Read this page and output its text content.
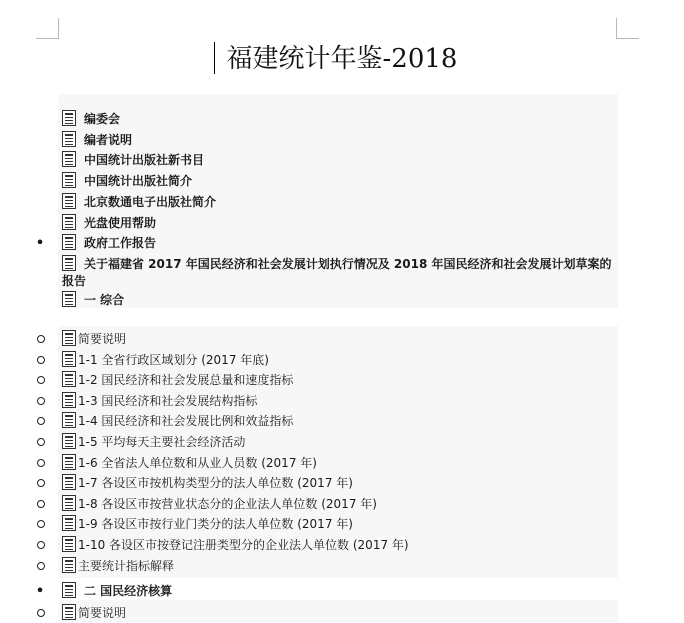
福建统计年鉴-2018
编委会
编者说明
中国统计出版社新书目
中国统计出版社简介
北京数通电子出版社简介
光盘使用帮助
•
政府工作报告
关于福建省 2017 年国民经济和社会发展计划执行情况及 2018 年国民经济和社会发展计划草案的
报告
一 综合
简要说明
1-1 全省行政区域划分 (2017 年底)
1-2 国民经济和社会发展总量和速度指标
1-3 国民经济和社会发展结构指标
1-4 国民经济和社会发展比例和效益指标
1-5 平均每天主要社会经济活动
1-6 全省法人单位数和从业人员数 (2017 年)
1-7 各设区市按机构类型分的法人单位数 (2017 年)
1-8 各设区市按营业状态分的企业法人单位数 (2017 年)
1-9 各设区市按行业门类分的法人单位数 (2017 年)
1-10 各设区市按登记注册类型分的企业法人单位数 (2017 年)
主要统计指标解释
•
二 国民经济核算
简要说明
